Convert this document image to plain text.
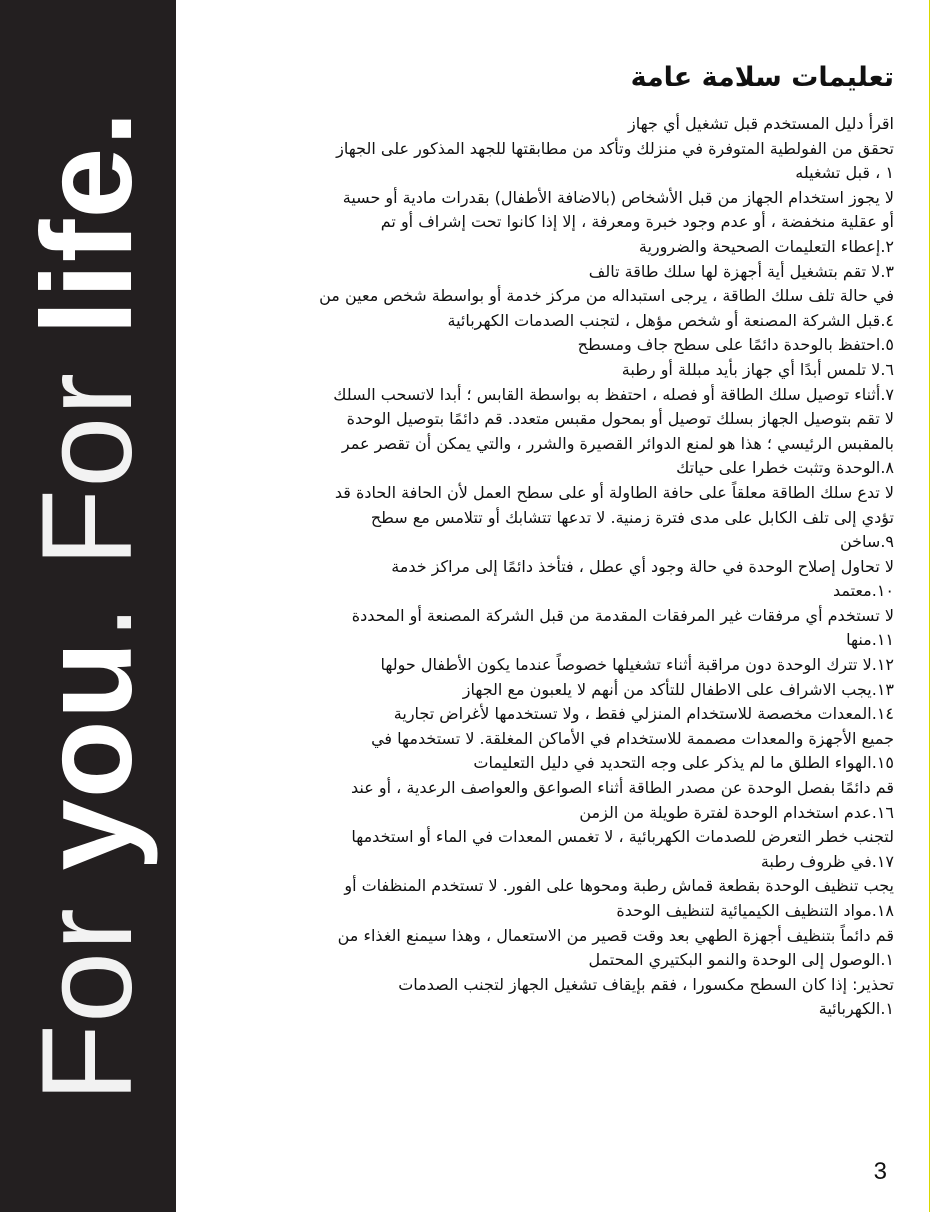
For you. For life.
تعليمات سلامة عامة
اقرأ دليل المستخدم قبل تشغيل أي جهاز
تحقق من الفولطية المتوفرة في منزلك وتأكد من مطابقتها للجهد المذكور على الجهاز
١ ، قبل تشغيله
لا يجوز استخدام الجهاز من قبل الأشخاص (بالاضافة الأطفال) بقدرات مادية أو حسية
أو عقلية منخفضة ، أو عدم وجود خبرة ومعرفة ، إلا إذا كانوا تحت إشراف أو تم
٢.إعطاء التعليمات الصحيحة والضرورية
٣.لا تقم بتشغيل أية أجهزة لها سلك طاقة تالف
في حالة تلف سلك الطاقة ، يرجى استبداله من مركز خدمة أو بواسطة شخص معين من
٤.قبل الشركة المصنعة أو شخص مؤهل ، لتجنب الصدمات الكهربائية
٥.احتفظ بالوحدة دائمًا على سطح جاف ومسطح
٦.لا تلمس أبدًا أي جهاز بأيد مبللة أو رطبة
٧.أثناء توصيل سلك الطاقة أو فصله ، احتفظ به بواسطة القابس ؛ أبدا لاتسحب السلك
لا تقم بتوصيل الجهاز بسلك توصيل أو بمحول مقبس متعدد. قم دائمًا بتوصيل الوحدة
بالمقبس الرئيسي ؛ هذا هو لمنع الدوائر القصيرة والشرر ، والتي يمكن أن تقصر عمر
٨.الوحدة وتثبت خطرا على حياتك
لا تدع سلك الطاقة معلقاً على حافة الطاولة أو على سطح العمل لأن الحافة الحادة قد
تؤدي إلى تلف الكابل على مدى فترة زمنية. لا تدعها تتشابك أو تتلامس مع سطح
٩.ساخن
لا تحاول إصلاح الوحدة في حالة وجود أي عطل ، فتأخذ دائمًا إلى مراكز خدمة
١٠.معتمد
لا تستخدم أي مرفقات غير المرفقات المقدمة من قبل الشركة المصنعة أو المحددة
١١.منها
١٢.لا تترك الوحدة دون مراقبة أثناء تشغيلها خصوصاً عندما يكون الأطفال حولها
١٣.يجب الاشراف على الاطفال للتأكد من أنهم لا يلعبون مع الجهاز
١٤.المعدات مخصصة للاستخدام المنزلي فقط ، ولا تستخدمها لأغراض تجارية
جميع الأجهزة والمعدات مصممة للاستخدام في الأماكن المغلقة. لا تستخدمها في
١٥.الهواء الطلق ما لم يذكر على وجه التحديد في دليل التعليمات
قم دائمًا بفصل الوحدة عن مصدر الطاقة أثناء الصواعق والعواصف الرعدية ، أو عند
١٦.عدم استخدام الوحدة لفترة طويلة من الزمن
لتجنب خطر التعرض للصدمات الكهربائية ، لا تغمس المعدات في الماء أو استخدمها
١٧.في ظروف رطبة
يجب تنظيف الوحدة بقطعة قماش رطبة ومحوها على الفور. لا تستخدم المنظفات أو
١٨.مواد التنظيف الكيميائية لتنظيف الوحدة
قم دائماً بتنظيف أجهزة الطهي بعد وقت قصير من الاستعمال ، وهذا سيمنع الغذاء من
١.الوصول إلى الوحدة والنمو البكتيري المحتمل
تحذير: إذا كان السطح مكسورا ، فقم بإيقاف تشغيل الجهاز لتجنب الصدمات
١.الكهربائية
3
